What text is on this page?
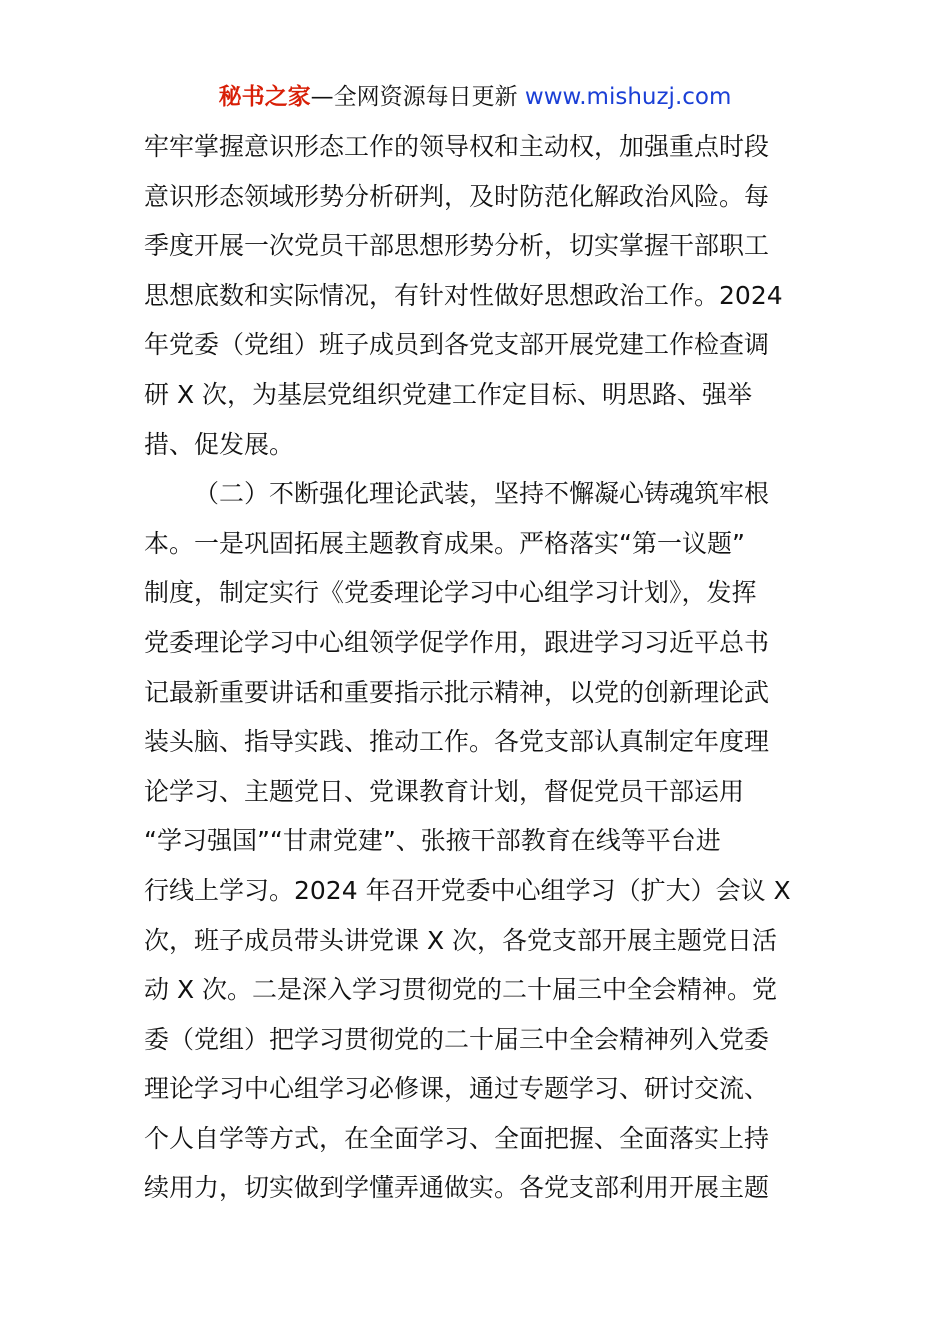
秘书之家—全网资源每日更新 www.mishuzj.com
牢牢掌握意识形态工作的领导权和主动权，加强重点时段
意识形态领域形势分析研判，及时防范化解政治风险。每
季度开展一次党员干部思想形势分析，切实掌握干部职工
思想底数和实际情况，有针对性做好思想政治工作。2024
年党委（党组）班子成员到各党支部开展党建工作检查调
研 X 次，为基层党组织党建工作定目标、明思路、强举
措、促发展。
（二）不断强化理论武装，坚持不懈凝心铸魂筑牢根
本。一是巩固拓展主题教育成果。严格落实“第一议题”
制度，制定实行《党委理论学习中心组学习计划》，发挥
党委理论学习中心组领学促学作用，跟进学习习近平总书
记最新重要讲话和重要指示批示精神，以党的创新理论武
装头脑、指导实践、推动工作。各党支部认真制定年度理
论学习、主题党日、党课教育计划，督促党员干部运用
“学习强国”“甘肃党建”、张掖干部教育在线等平台进
行线上学习。2024 年召开党委中心组学习（扩大）会议 X
次，班子成员带头讲党课 X 次，各党支部开展主题党日活
动 X 次。二是深入学习贯彻党的二十届三中全会精神。党
委（党组）把学习贯彻党的二十届三中全会精神列入党委
理论学习中心组学习必修课，通过专题学习、研讨交流、
个人自学等方式，在全面学习、全面把握、全面落实上持
续用力，切实做到学懂弄通做实。各党支部利用开展主题
